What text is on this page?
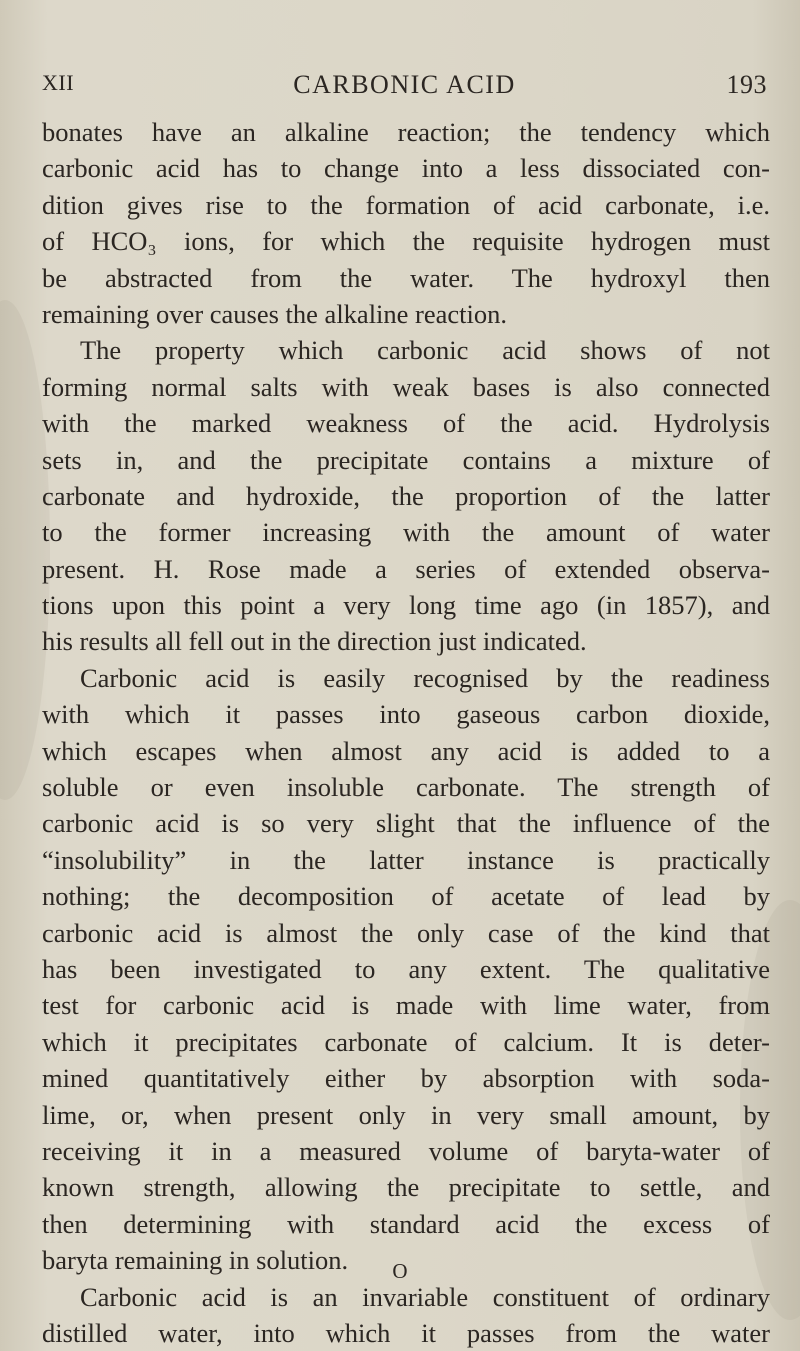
XII	CARBONIC ACID	193
bonates have an alkaline reaction; the tendency which
carbonic acid has to change into a less dissociated con-
dition gives rise to the formation of acid carbonate, i.e.
of HCO₃ ions, for which the requisite hydrogen must
be abstracted from the water. The hydroxyl then
remaining over causes the alkaline reaction.
The property which carbonic acid shows of not
forming normal salts with weak bases is also connected
with the marked weakness of the acid. Hydrolysis
sets in, and the precipitate contains a mixture of
carbonate and hydroxide, the proportion of the latter
to the former increasing with the amount of water
present. H. Rose made a series of extended observa-
tions upon this point a very long time ago (in 1857), and
his results all fell out in the direction just indicated.
Carbonic acid is easily recognised by the readiness
with which it passes into gaseous carbon dioxide,
which escapes when almost any acid is added to a
soluble or even insoluble carbonate. The strength of
carbonic acid is so very slight that the influence of the
“insolubility” in the latter instance is practically
nothing; the decomposition of acetate of lead by
carbonic acid is almost the only case of the kind that
has been investigated to any extent. The qualitative
test for carbonic acid is made with lime water, from
which it precipitates carbonate of calcium. It is deter-
mined quantitatively either by absorption with soda-
lime, or, when present only in very small amount, by
receiving it in a measured volume of baryta-water of
known strength, allowing the precipitate to settle, and
then determining with standard acid the excess of
baryta remaining in solution.
Carbonic acid is an invariable constituent of ordinary
distilled water, into which it passes from the water
O
